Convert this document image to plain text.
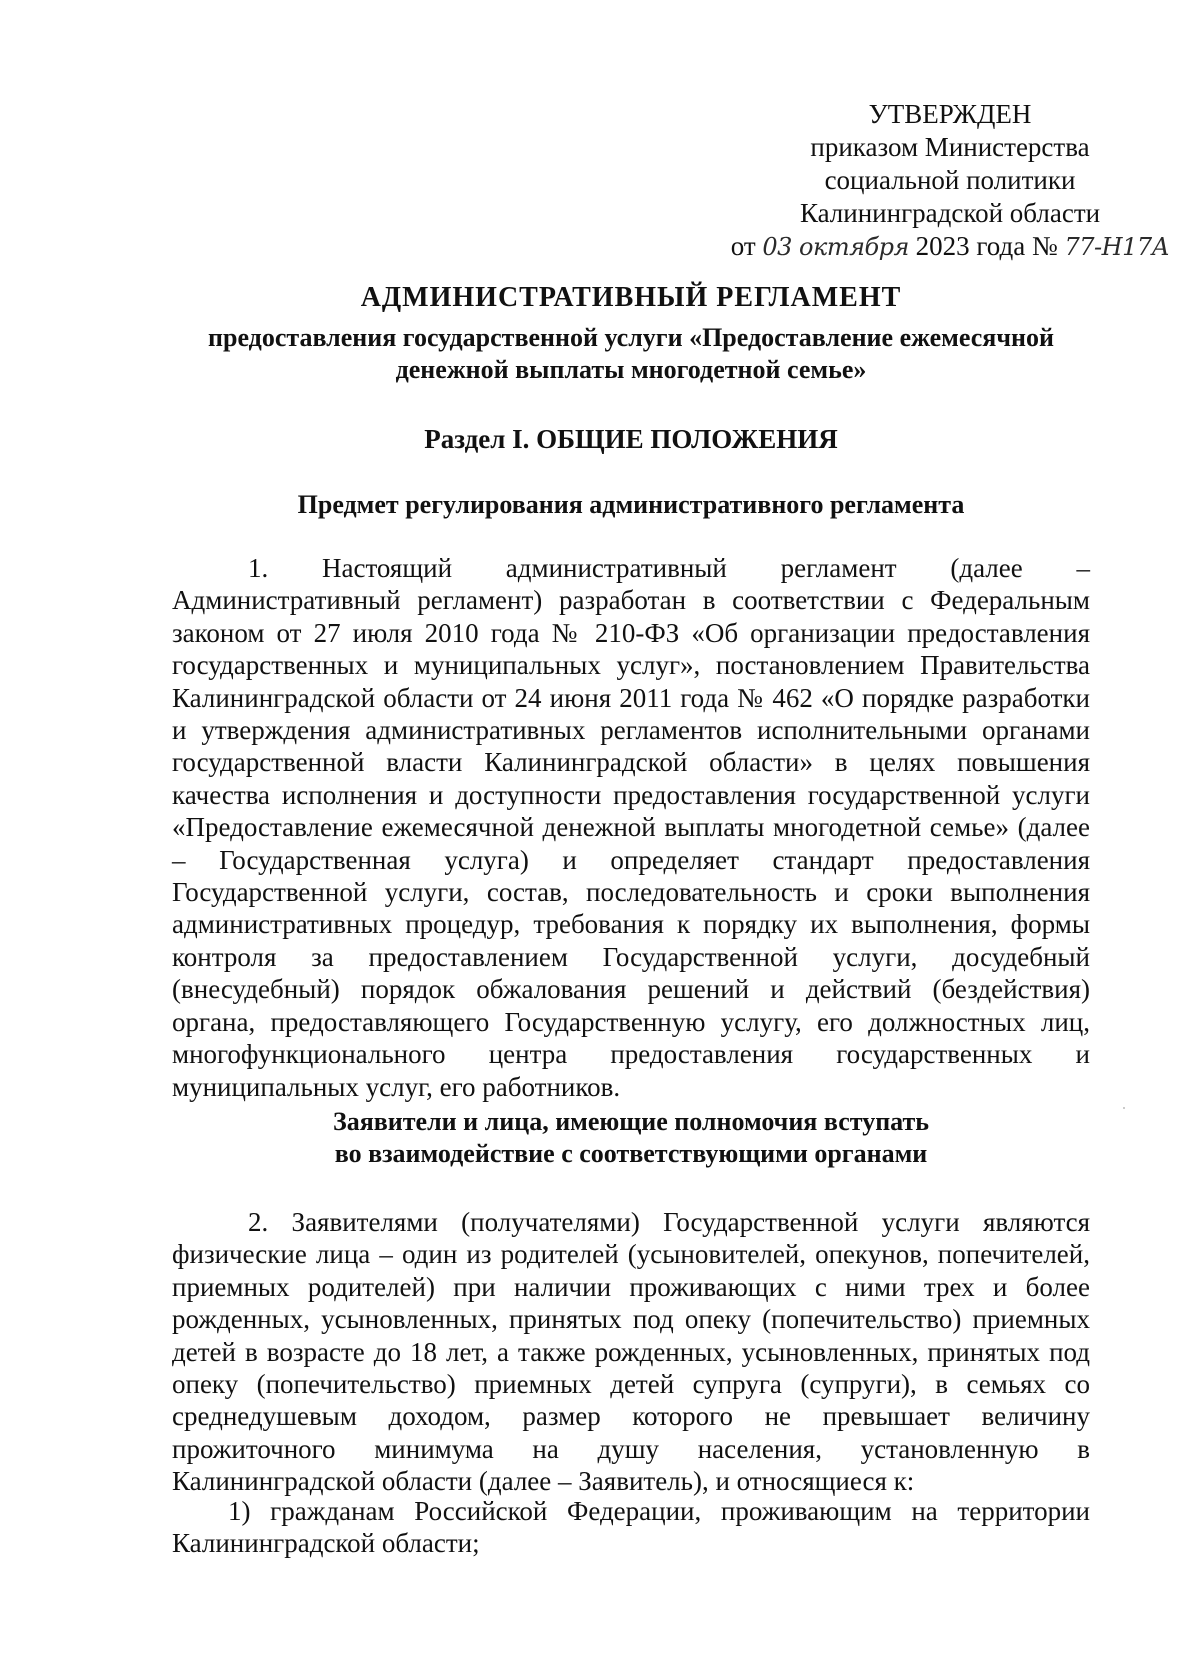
УТВЕРЖДЕН
приказом Министерства
социальной политики
Калининградской области
от 03 октября 2023 года № 77-Н17А
АДМИНИСТРАТИВНЫЙ РЕГЛАМЕНТ
предоставления государственной услуги «Предоставление ежемесячной
денежной выплаты многодетной семье»
Раздел I. ОБЩИЕ ПОЛОЖЕНИЯ
Предмет регулирования административного регламента

1. Настоящий административный регламент (далее – Административный регламент) разработан в соответствии с Федеральным законом от 27 июля 2010 года № 210-ФЗ «Об организации предоставления государственных и муниципальных услуг», постановлением Правительства Калининградской области от 24 июня 2011 года № 462 «О порядке разработки и утверждения административных регламентов исполнительными органами государственной власти Калининградской области» в целях повышения качества исполнения и доступности предоставления государственной услуги «Предоставление ежемесячной денежной выплаты многодетной семье» (далее – Государственная услуга) и определяет стандарт предоставления Государственной услуги, состав, последовательность и сроки выполнения административных процедур, требования к порядку их выполнения, формы контроля за предоставлением Государственной услуги, досудебный (внесудебный) порядок обжалования решений и действий (бездействия) органа, предоставляющего Государственную услугу, его должностных лиц, многофункционального центра предоставления государственных и муниципальных услуг, его работников.

Заявители и лица, имеющие полномочия вступать
во взаимодействие с соответствующими органами

2. Заявителями (получателями) Государственной услуги являются физические лица – один из родителей (усыновителей, опекунов, попечителей, приемных родителей) при наличии проживающих с ними трех и более рожденных, усыновленных, принятых под опеку (попечительство) приемных детей в возрасте до 18 лет, а также рожденных, усыновленных, принятых под опеку (попечительство) приемных детей супруга (супруги), в семьях со среднедушевым доходом, размер которого не превышает величину прожиточного минимума на душу населения, установленную в Калининградской области (далее – Заявитель), и относящиеся к:

1) гражданам Российской Федерации, проживающим на территории Калининградской области;
